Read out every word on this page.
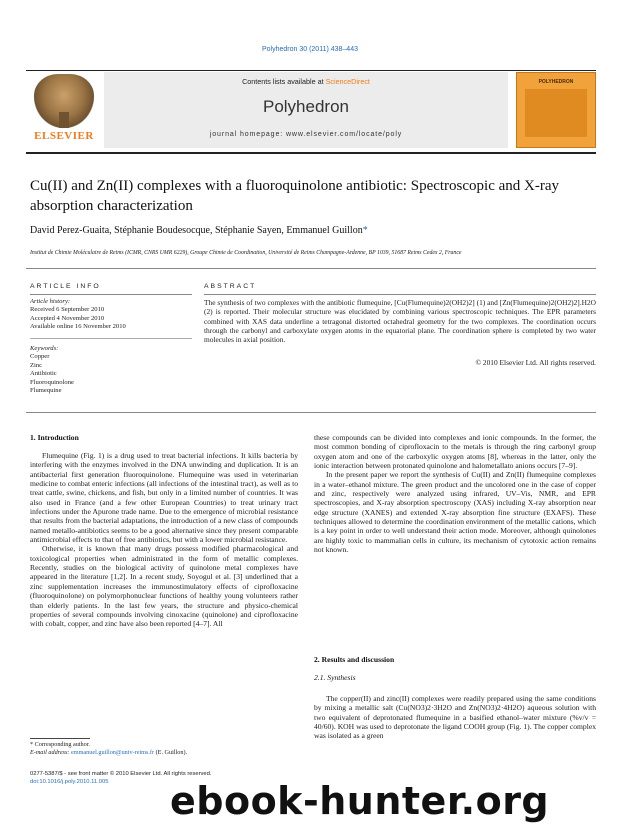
Polyhedron 30 (2011) 438–443
ELSEVIER
Contents lists available at ScienceDirect
Polyhedron
journal homepage: www.elsevier.com/locate/poly
POLYHEDRON
Cu(II) and Zn(II) complexes with a fluoroquinolone antibiotic: Spectroscopic and X-ray absorption characterization
David Perez-Guaita, Stéphanie Boudesocque, Stéphanie Sayen, Emmanuel Guillon*
Institut de Chimie Moléculaire de Reims (ICMR, CNRS UMR 6229), Groupe Chimie de Coordination, Université de Reims Champagne-Ardenne, BP 1039, 51687 Reims Cedex 2, France
ARTICLE INFO	ABSTRACT
Article history:
Received 6 September 2010
Accepted 4 November 2010
Available online 16 November 2010
Keywords:
Copper
Zinc
Antibiotic
Fluoroquinolone
Flumequine
The synthesis of two complexes with the antibiotic flumequine, [Cu(Flumequine)2(OH2)2] (1) and [Zn(Flumequine)2(OH2)2].H2O (2) is reported. Their molecular structure was elucidated by combining various spectroscopic techniques. The EPR parameters combined with XAS data underline a tetragonal distorted octahedral geometry for the two complexes. The coordination occurs through the carbonyl and carboxylate oxygen atoms in the equatorial plane. The coordination sphere is completed by two water molecules in axial position.
© 2010 Elsevier Ltd. All rights reserved.
1. Introduction

Flumequine (Fig. 1) is a drug used to treat bacterial infections. It kills bacteria by interfering with the enzymes involved in the DNA unwinding and duplication. It is an antibacterial first generation fluoroquinolone. Flumequine was used in veterinarian medicine to combat enteric infections (all infections of the intestinal tract), as well as to treat cattle, swine, chickens, and fish, but only in a limited number of countries. It was also used in France (and a few other European Countries) to treat urinary tract infections under the Apurone trade name. Due to the emergence of microbial resistance that results from the bacterial adaptations, the introduction of a new class of compounds named metallo-antibiotics seems to be a good alternative since they present comparable antimicrobial effects to that of free antibiotics, but with a lower microbial resistance.

Otherwise, it is known that many drugs possess modified pharmacological and toxicological properties when administrated in the form of metallic complexes. Recently, studies on the biological activity of quinolone metal complexes have appeared in the literature [1,2]. In a recent study, Soyogul et al. [3] underlined that a zinc supplementation increases the immunostimulatory effects of ciprofloxacine (fluoroquinolone) on polymorphonuclear functions of healthy young volunteers rather than elderly patients. In the last few years, the structure and physico-chemical properties of several compounds involving cinoxacine (quinolone) and ciprofloxacine with cobalt, copper, and zinc have also been reported [4–7]. All

these compounds can be divided into complexes and ionic compounds. In the former, the most common bonding of ciprofloxacin to the metals is through the ring carbonyl group oxygen atom and one of the carboxylic oxygen atoms [8], whereas in the latter, only the ionic interaction between protonated quinolone and halometallato anions occurs [7–9].

In the present paper we report the synthesis of Cu(II) and Zn(II) flumequine complexes in a water–ethanol mixture. The green product and the uncolored one in the case of copper and zinc, respectively were analyzed using infrared, UV–Vis, NMR, and EPR spectroscopies, and X-ray absorption spectroscopy (XAS) including X-ray absorption near edge structure (XANES) and extended X-ray absorption fine structure (EXAFS). These techniques allowed to determine the coordination environment of the metallic cations, which is a key point in order to well understand their action mode. Moreover, although quinolones are highly toxic to mammalian cells in culture, its mechanism of cytotoxic action remains not known.

2. Results and discussion
2.1. Synthesis

The copper(II) and zinc(II) complexes were readily prepared using the same conditions by mixing a metallic salt (Cu(NO3)2·3H2O and Zn(NO3)2·4H2O) aqueous solution with two equivalent of deprotonated flumequine in a basified ethanol–water mixture (%v/v = 40/60). KOH was used to deprotonate the ligand COOH group (Fig. 1). The copper complex was isolated as a green

* Corresponding author.
E-mail address: emmanuel.guillon@univ-reims.fr (E. Guillon).
0277-5387/$ - see front matter © 2010 Elsevier Ltd. All rights reserved.
doi:10.1016/j.poly.2010.11.005	ebook-hunter.org
